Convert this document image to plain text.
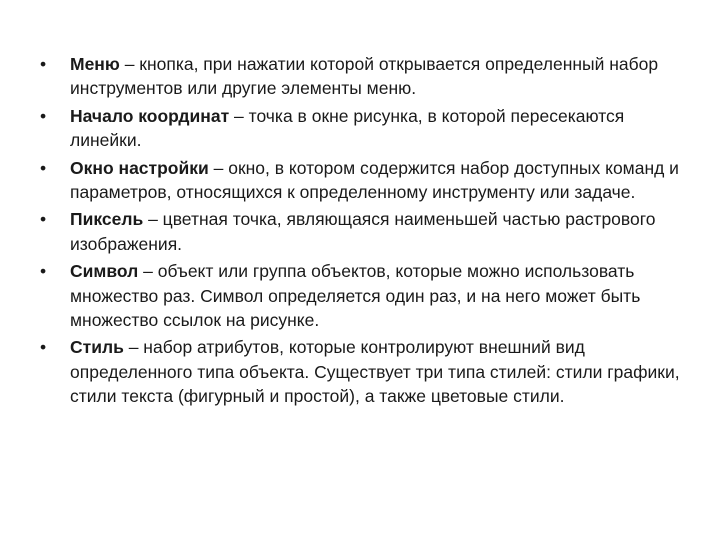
•	Меню – кнопка, при нажатии которой открывается определенный набор инструментов или другие элементы меню.
•	Начало координат – точка в окне рисунка, в которой пересекаются линейки.
•	Окно настройки – окно, в котором содержится набор доступных команд и параметров, относящихся к определенному инструменту или задаче.
•	Пиксель – цветная точка, являющаяся наименьшей частью растрового изображения.
•	Символ – объект или группа объектов, которые можно использовать множество раз. Символ определяется один раз, и на него может быть множество ссылок на рисунке.
•	Стиль – набор атрибутов, которые контролируют внешний вид определенного типа объекта. Существует три типа стилей: стили графики, стили текста (фигурный и простой), а также цветовые стили.
